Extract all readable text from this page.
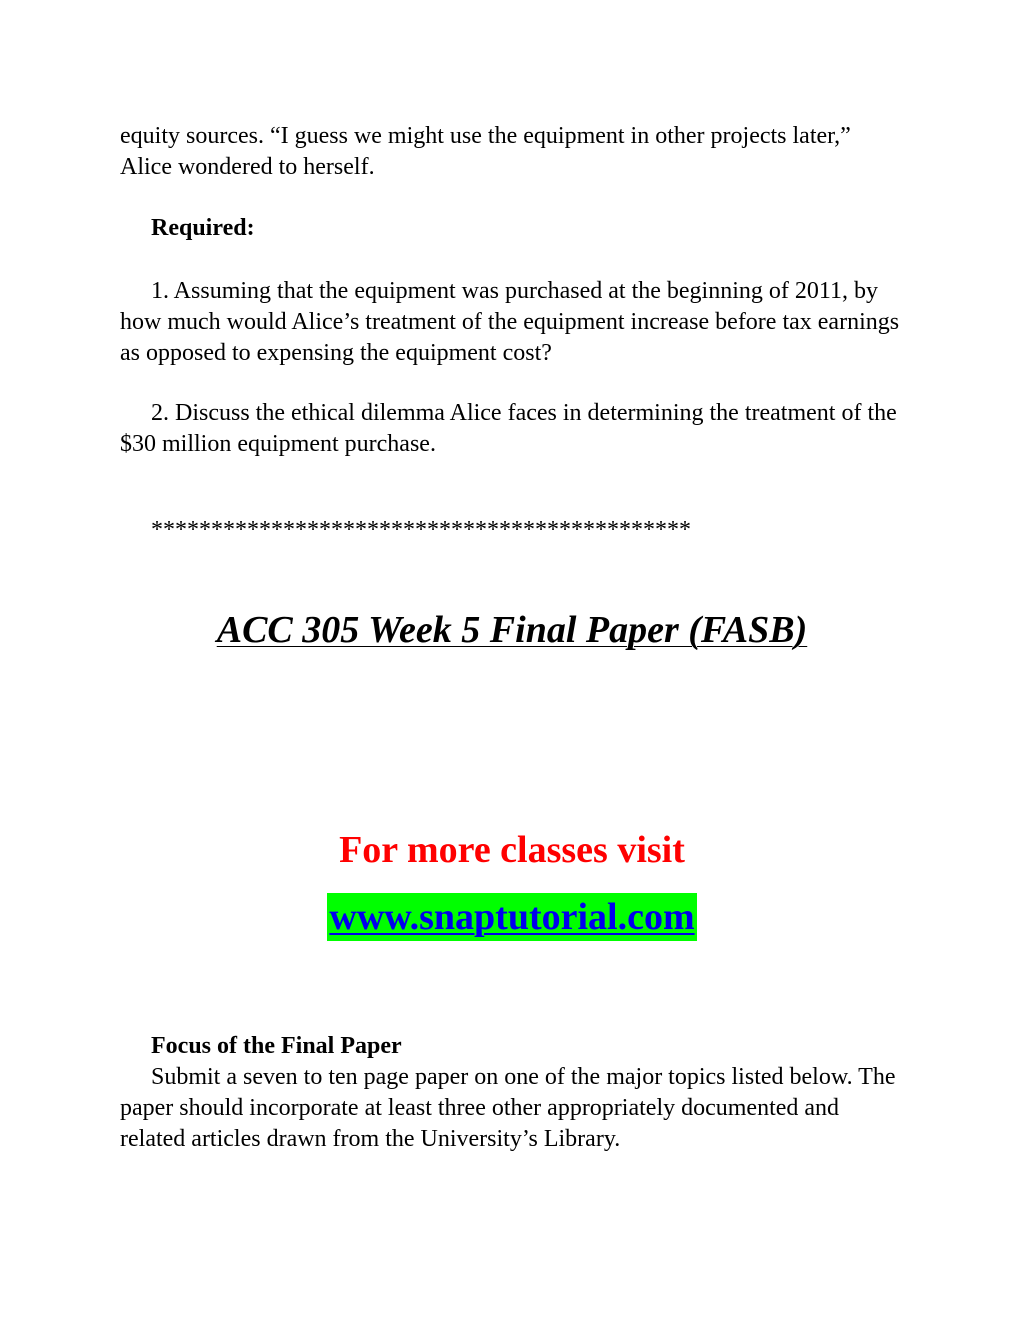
equity sources. “I guess we might use the equipment in other projects later,” Alice wondered to herself.

Required:

1. Assuming that the equipment was purchased at the beginning of 2011, by how much would Alice’s treatment of the equipment increase before tax earnings as opposed to expensing the equipment cost?

2. Discuss the ethical dilemma Alice faces in determining the treatment of the $30 million equipment purchase.

*********************************************

ACC 305 Week 5 Final Paper (FASB)

For more classes visit

www.snaptutorial.com

Focus of the Final Paper

Submit a seven to ten page paper on one of the major topics listed below. The paper should incorporate at least three other appropriately documented and related articles drawn from the University’s Library.
